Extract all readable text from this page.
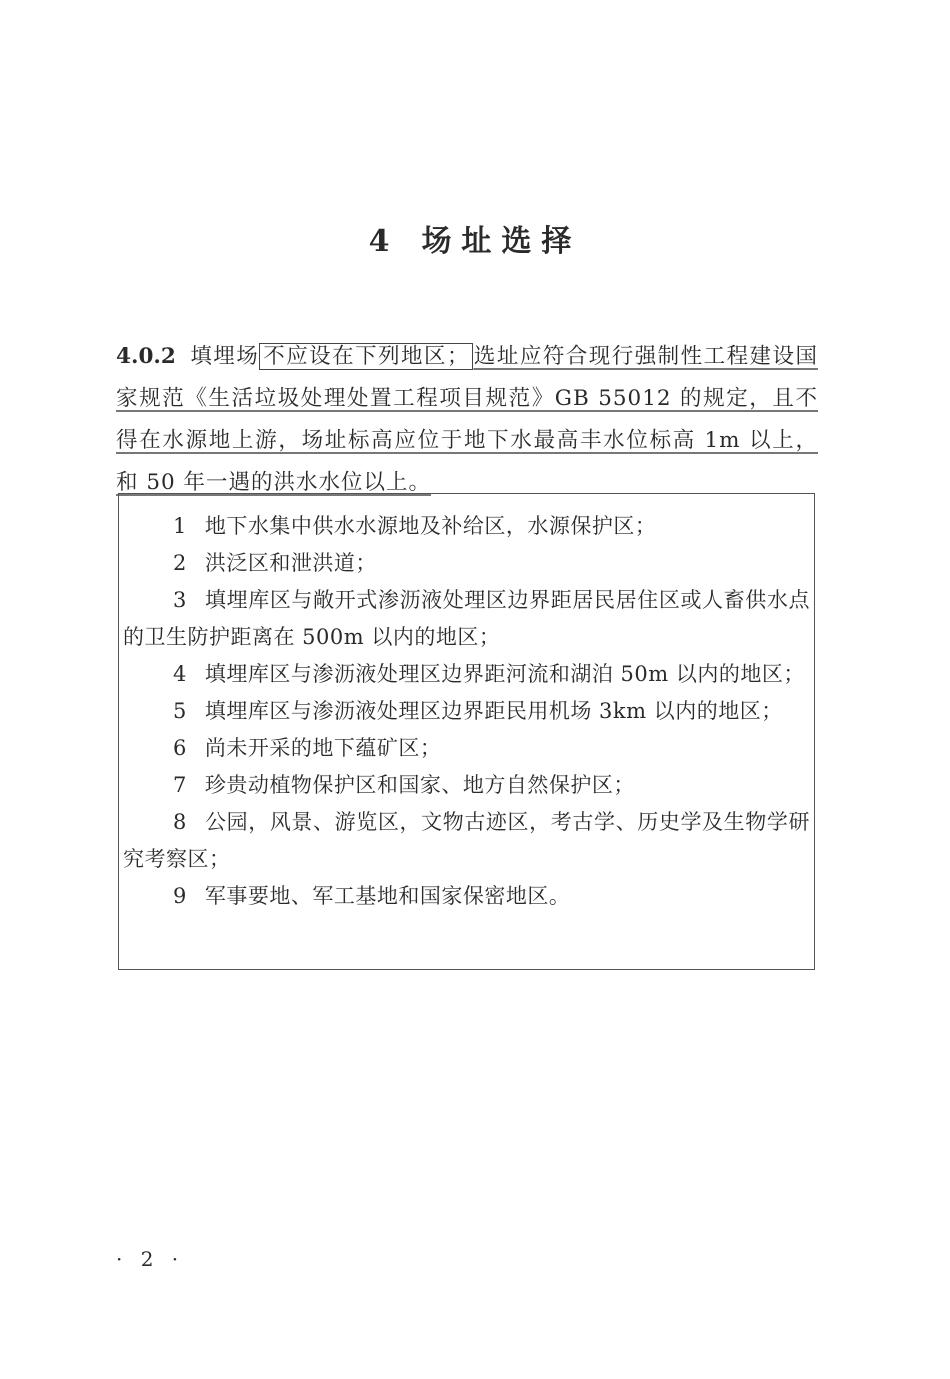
4 场址选择

4.0.2 填埋场 不应设在下列地区； 选址应符合现行强制性工程建设国家规范《生活垃圾处理处置工程项目规范》GB 55012 的规定，且不得在水源地上游，场址标高应位于地下水最高丰水位标高 1m 以上，和 50 年一遇的洪水水位以上。

1 地下水集中供水水源地及补给区，水源保护区；

2 洪泛区和泄洪道；

3 填埋库区与敞开式渗沥液处理区边界距居民居住区或人畜供水点的卫生防护距离在 500m 以内的地区；

4 填埋库区与渗沥液处理区边界距河流和湖泊 50m 以内的地区；

5 填埋库区与渗沥液处理区边界距民用机场 3km 以内的地区；

6 尚未开采的地下蕴矿区；

7 珍贵动植物保护区和国家、地方自然保护区；

8 公园，风景、游览区，文物古迹区，考古学、历史学及生物学研究考察区；

9 军事要地、军工基地和国家保密地区。

· 2 ·
